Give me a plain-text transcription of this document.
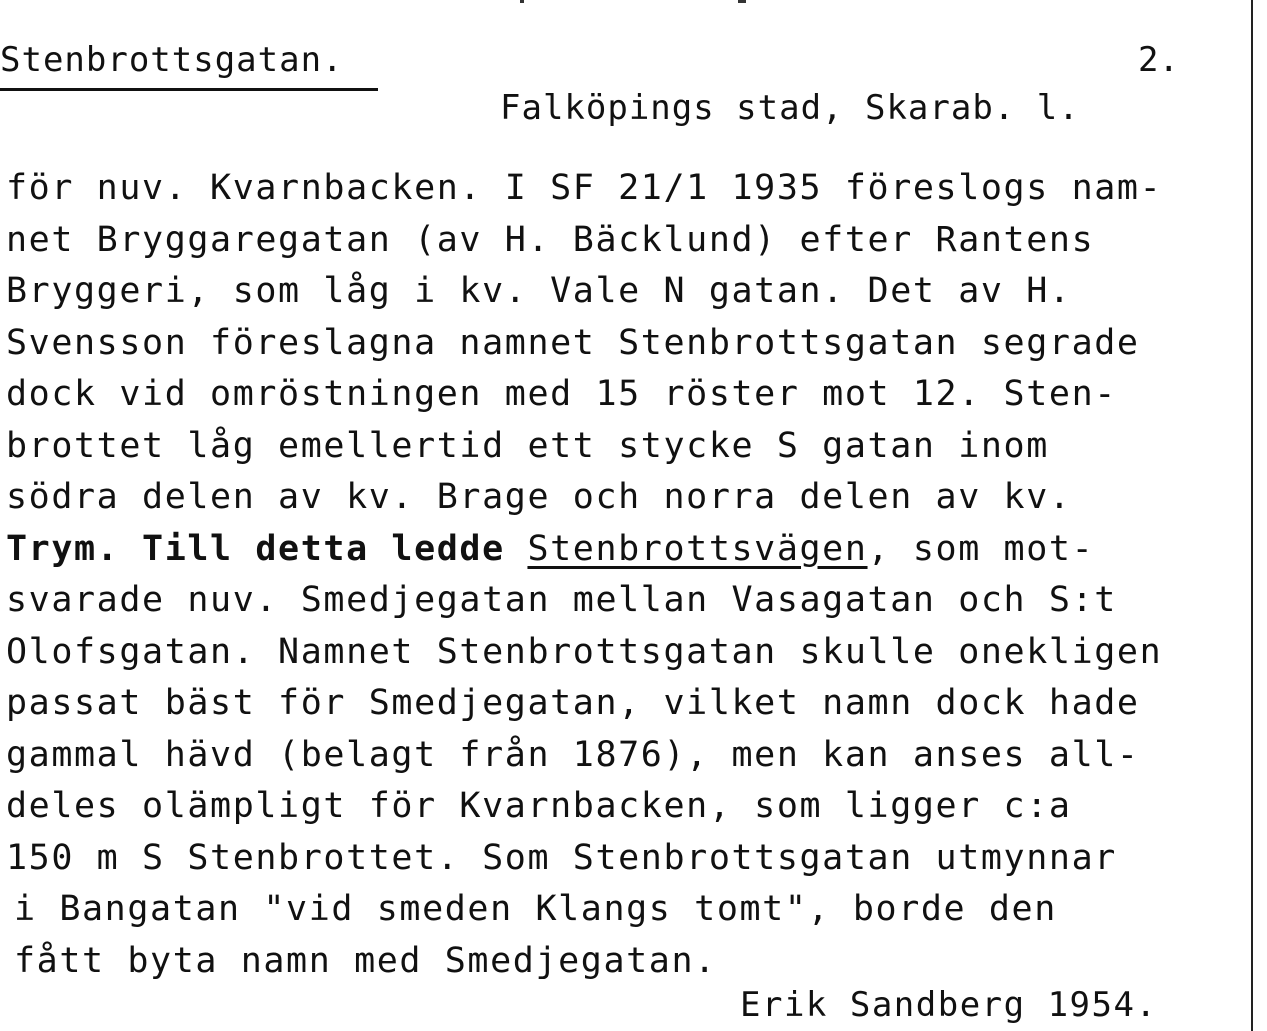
Stenbrottsgatan.	2.
Falköpings stad, Skarab. l.
för nuv. Kvarnbacken. I SF 21/1 1935 föreslogs nam-
net Bryggaregatan (av H. Bäcklund) efter Rantens
Bryggeri, som låg i kv. Vale N gatan. Det av H.
Svensson föreslagna namnet Stenbrottsgatan segrade
dock vid omröstningen med 15 röster mot 12. Sten-
brottet låg emellertid ett stycke S gatan inom
södra delen av kv. Brage och norra delen av kv.
Trym. Till detta ledde Stenbrottsvägen, som mot-
svarade nuv. Smedjegatan mellan Vasagatan och S:t
Olofsgatan. Namnet Stenbrottsgatan skulle onekligen
passat bäst för Smedjegatan, vilket namn dock hade
gammal hävd (belagt från 1876), men kan anses all-
deles olämpligt för Kvarnbacken, som ligger c:a
150 m S Stenbrottet. Som Stenbrottsgatan utmynnar
i Bangatan "vid smeden Klangs tomt", borde den
fått byta namn med Smedjegatan.
Erik Sandberg 1954.
